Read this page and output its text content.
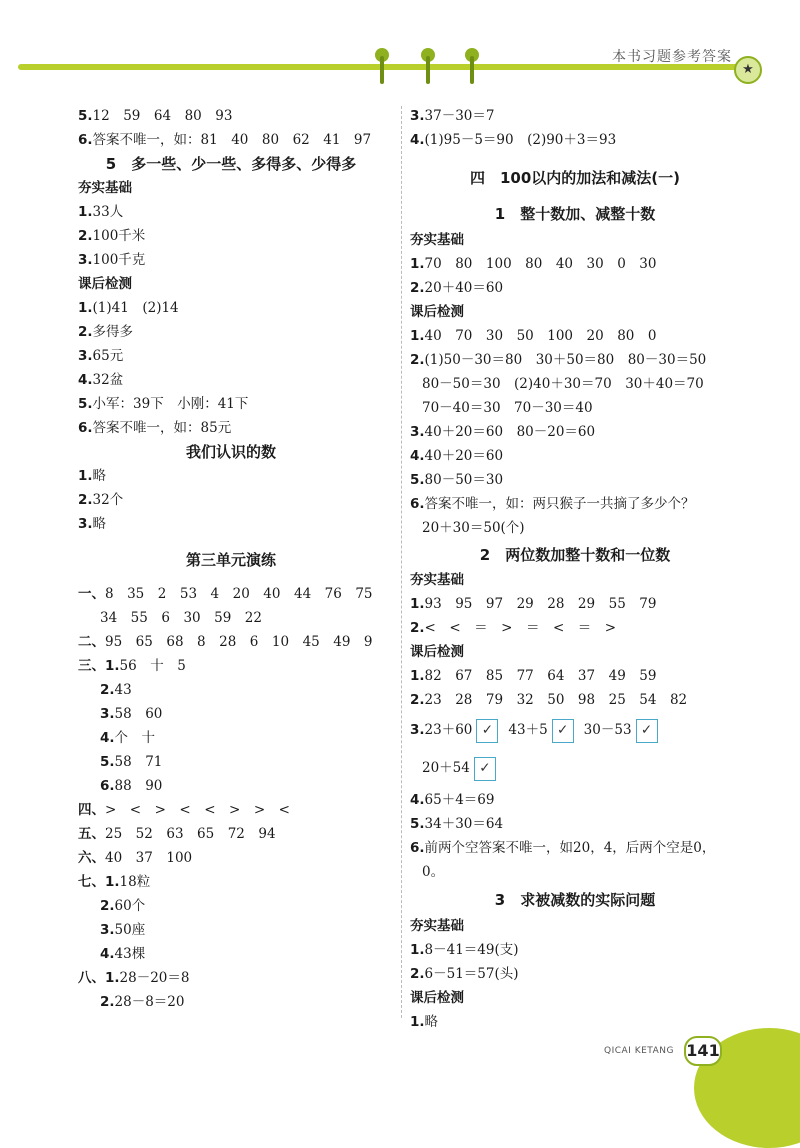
本书习题参考答案
★
5.12　59　64　80　93
6.答案不唯一，如：81　40　80　62　41　97
5　多一些、少一些、多得多、少得多
夯实基础
1.33人
2.100千米
3.100千克
课后检测
1.(1)41　(2)14
2.多得多
3.65元
4.32盆
5.小军：39下　小刚：41下
6.答案不唯一，如：85元
我们认识的数
1.略
2.32个
3.略
第三单元演练
一、8　35　2　53　4　20　40　44　76　75
34　55　6　30　59　22
二、95　65　68　8　28　6　10　45　49　9
三、1.56　十　5
2.43
3.58　60
4.个　十
5.58　71
6.88　90
四、>　<　>　<　<　>　>　<
五、25　52　63　65　72　94
六、40　37　100
七、1.18粒
2.60个
3.50座
4.43棵
八、1.28－20＝8
2.28－8＝20
3.37－30＝7
4.(1)95－5＝90　(2)90＋3＝93
四　100以内的加法和减法(一)
1　整十数加、减整十数
夯实基础
1.70　80　100　80　40　30　0　30
2.20＋40＝60
课后检测
1.40　70　30　50　100　20　80　0
2.(1)50－30＝80　30＋50＝80　80－30＝50
80－50＝30　(2)40＋30＝70　30＋40＝70
70－40＝30　70－30＝40
3.40＋20＝60　80－20＝60
4.40＋20＝60
5.80－50＝30
6.答案不唯一，如：两只猴子一共摘了多少个？
20＋30＝50(个)
2　两位数加整十数和一位数
夯实基础
1.93　95　97　29　28　29　55　79
2.<　<　＝　>　＝　<　＝　>
课后检测
1.82　67　85　77　64　37　49　59
2.23　28　79　32　50　98　25　54　82
3.23＋60 ✓ 43＋5 ✓ 30－53 ✓
20＋54 ✓
4.65＋4＝69
5.34＋30＝64
6.前两个空答案不唯一，如20，4，后两个空是0，
0。
3　求被减数的实际问题
夯实基础
1.8－41＝49(支)
2.6－51＝57(头)
课后检测
1.略
QICAI KETANG 141
